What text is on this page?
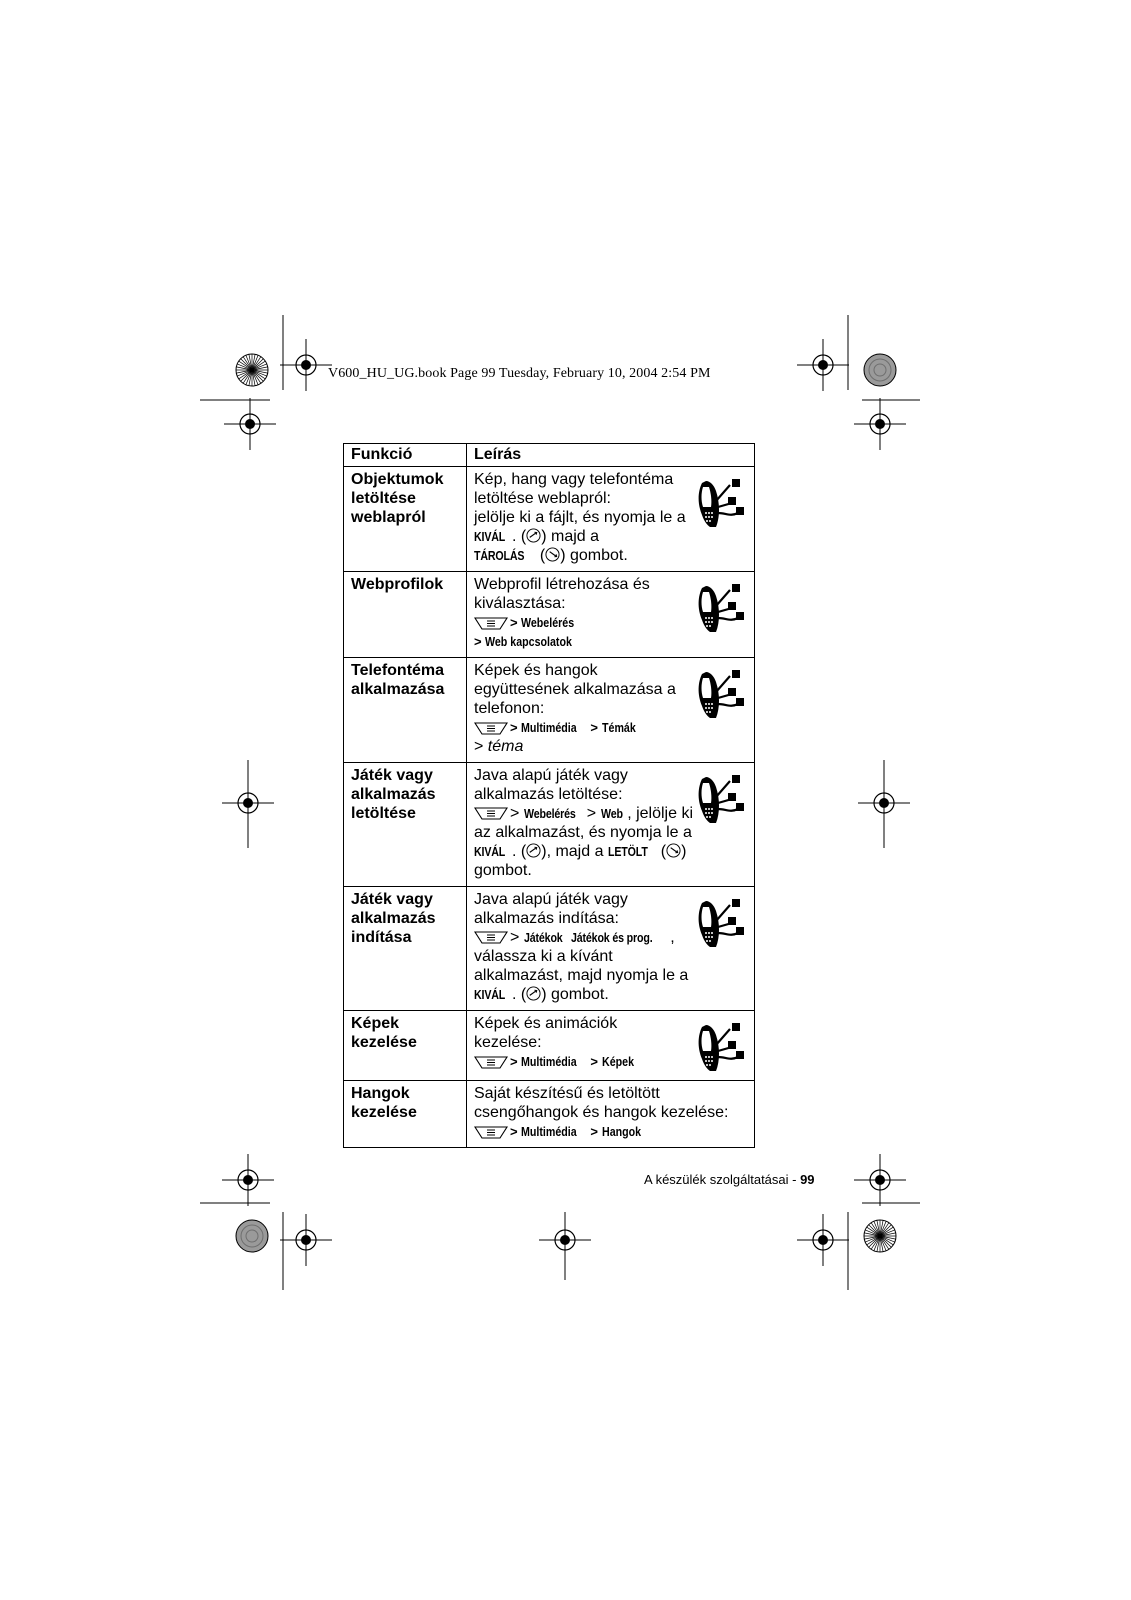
V600_HU_UG.book Page 99 Tuesday, February 10, 2004 2:54 PM
Funkció	Leírás
Objektumok letöltése weblapról	Kép, hang vagy telefontéma letöltése weblapról:
jelölje ki a fájlt, és nyomja le a
KIVÁL . ( ) majd a
TÁROLÁS ( ) gombot.

Webprofilok	Webprofil létrehozása és kiválasztása:
> Webelérés
> Web kapcsolatok

Telefontéma alkalmazása	Képek és hangok együttesének alkalmazása a telefonon:
> Multimédia > Témák
> téma

Játék vagy alkalmazás letöltése	Java alapú játék vagy alkalmazás letöltése:
> Webelérés > Web , jelölje ki az alkalmazást, és nyomja le a KIVÁL . ( ), majd a LETÖLT ( ) gombot.

Játék vagy alkalmazás indítása	Java alapú játék vagy alkalmazás indítása:
> Játékok Játékok és prog. , válassza ki a kívánt alkalmazást, majd nyomja le a KIVÁL . ( ) gombot.

Képek kezelése	Képek és animációk kezelése:
> Multimédia > Képek

Hangok kezelése	Saját készítésű és letöltött csengőhangok és hangok kezelése:
> Multimédia > Hangok
A készülék szolgáltatásai - 99
